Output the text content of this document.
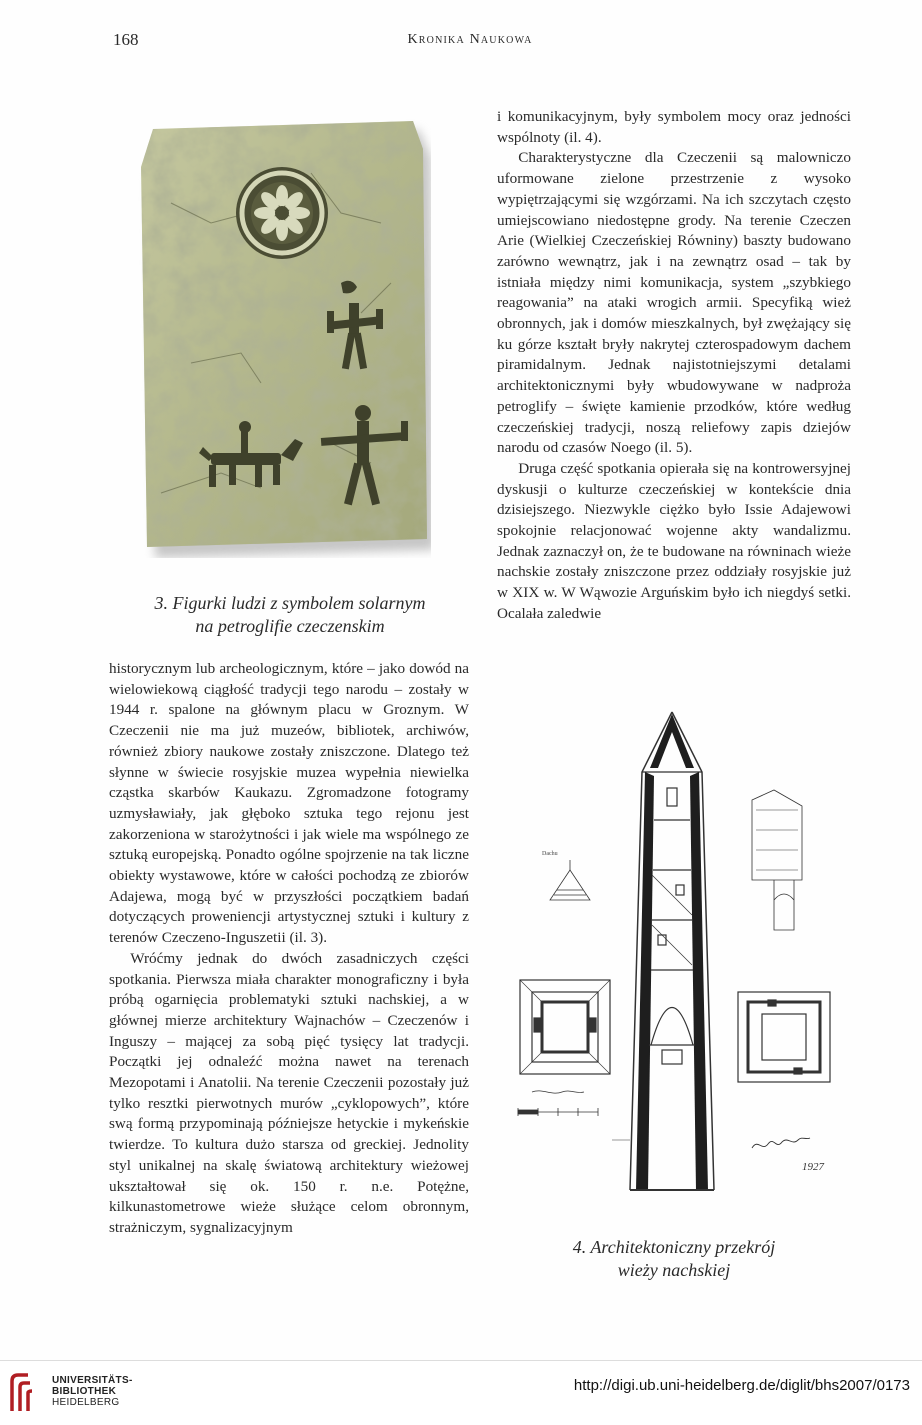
168	Kronika Naukowa
3. Figurki ludzi z symbolem solarnym
na petroglifie czeczenskim

i komunikacyjnym, były symbolem mocy oraz jedności wspólnoty (il. 4).

Charakterystyczne dla Czeczenii są malowniczo uformowane zielone przestrzenie z wysoko wypiętrzającymi się wzgórzami. Na ich szczytach często umiejscowiano niedostępne grody. Na terenie Czeczen Arie (Wielkiej Czeczeńskiej Równiny) baszty budowano zarówno wewnątrz, jak i na zewnątrz osad – tak by istniała między nimi komunikacja, system „szybkiego reagowania” na ataki wrogich armii. Specyfiką wież obronnych, jak i domów mieszkalnych, był zwężający się ku górze kształt bryły nakrytej czterospadowym dachem piramidalnym. Jednak najistotniejszymi detalami architektonicznymi były wbudowywane w nadproża petroglify – święte kamienie przodków, które według czeczeńskiej tradycji, noszą reliefowy zapis dziejów narodu od czasów Noego (il. 5).

Druga część spotkania opierała się na kontrowersyjnej dyskusji o kulturze czeczeńskiej w kontekście dnia dzisiejszego. Niezwykle ciężko było Issie Adajewowi spokojnie relacjonować wojenne akty wandalizmu. Jednak zaznaczył on, że te budowane na równinach wieże nachskie zostały zniszczone przez oddziały rosyjskie już w XIX w. W Wąwozie Arguńskim było ich niegdyś setki. Ocalała zaledwie

historycznym lub archeologicznym, które – jako dowód na wielowiekową ciągłość tradycji tego narodu – zostały w 1944 r. spalone na głównym placu w Groznym. W Czeczenii nie ma już muzeów, bibliotek, archiwów, również zbiory naukowe zostały zniszczone. Dlatego też słynne w świecie rosyjskie muzea wypełnia niewielka cząstka skarbów Kaukazu. Zgromadzone fotogramy uzmysławiały, jak głęboko sztuka tego rejonu jest zakorzeniona w starożytności i jak wiele ma wspólnego ze sztuką europejską. Ponadto ogólne spojrzenie na tak liczne obiekty wystawowe, które w całości pochodzą ze zbiorów Adajewa, mogą być w przyszłości początkiem badań dotyczących proweniencji artystycznej sztuki i kultury z terenów Czeczeno-Inguszetii (il. 3).

Wróćmy jednak do dwóch zasadniczych części spotkania. Pierwsza miała charakter monograficzny i była próbą ogarnięcia problematyki sztuki nachskiej, a w głównej mierze architektury Wajnachów – Czeczenów i Inguszy – mającej za sobą pięć tysięcy lat tradycji. Początki jej odnaleźć można nawet na terenach Mezopotami i Anatolii. Na terenie Czeczenii pozostały już tylko resztki pierwotnych murów „cyklopowych”, które swą formą przypominają późniejsze hetyckie i mykeńskie twierdze. To kultura dużo starsza od greckiej. Jednolity styl unikalnej na skalę światową architektury wieżowej ukształtował się ok. 150 r. n.e. Potężne, kilkunastometrowe wieże służące celom obronnym, strażniczym, sygnalizacyjnym

Dachu
1927
4. Architektoniczny przekrój
wieży nachskiej
UNIVERSITÄTS-
BIBLIOTHEK
HEIDELBERG
http://digi.ub.uni-heidelberg.de/diglit/bhs2007/0173
